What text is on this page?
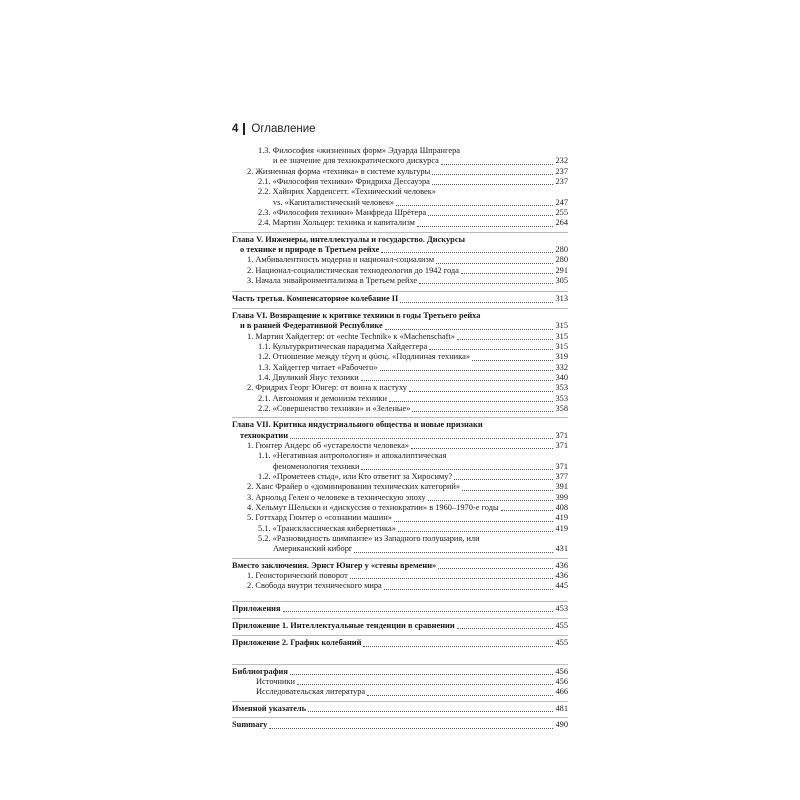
4 Оглавление
1.3. Философия «жизненных форм» Эдуарда Шпрангера
и ее значение для технократического дискурса	232
2. Жизненная форма «техника» в системе культуры	237
2.1. «Философия техники» Фридриха Дессауэра	237
2.2. Хайнрих Харденсетт. «Технический человек»
vs. «Капиталистический человек»	247
2.3. «Философия техники» Манфреда Шрётера	255
2.4. Мартин Хольцер: техника и капитализм	264
Глава V. Инженеры, интеллектуалы и государство. Дискурсы
о технике и природе в Третьем рейхе	280
1. Амбивалентность модерна и национал-социализм	280
2. Национал-социалистическая технодеология до 1942 года	291
3. Начала энвайронментализма в Третьем рейхе	305
Часть третья. Компенсаторное колебание II	313
Глава VI. Возвращение к критике техники в годы Третьего рейха
и в ранней Федеративной Республике	315
1. Мартин Хайдеггер: от «echte Technik» к «Machenschaft»	315
1.1. Культуркритическая парадигма Хайдеггера	315
1.2. Отношение между τέχνη и φύσις. «Подлинная техника»	319
1.3. Хайдеггер читает «Рабочего»	332
1.4. Двуликий Янус техники	340
2. Фридрих Георг Юнгер: от воина к пастуху	353
2.1. Автономия и демонизм техники	353
2.2. «Совершенство техники» и «Зеленые»	358
Глава VII. Критика индустриального общества и новые признаки
технократии	371
1. Гюнтер Андерс об «устарелости человека»	371
1.1. «Негативная антропология» и апокалиптическая
феноменология техники	371
1.2. «Прометеев стыд», или Кто ответит за Хиросиму?	377
2. Ханс Фрайер о «доминировании технических категорий»	391
3. Арнольд Гелен о человеке в техническую эпоху	399
4. Хельмут Шельски и «дискуссия о технократии» в 1960–1970-е годы	408
5. Готтхард Гюнтер о «сознании машин»	419
5.1. «Трансклассическая кибернетика»	419
5.2. «Разновидность шимпанзе» из Западного полушария, или
Американский киборг	431
Вместо заключения. Эрнст Юнгер у «стены времени»	436
1. Геоисторический поворот	436
2. Свобода внутри технического мира	445
Приложения	453
Приложение 1. Интеллектуальные тенденции в сравнении	455
Приложение 2. График колебаний	455
Библиография	456
Источники	456
Исследовательская литература	466
Именной указатель	481
Summary	490
